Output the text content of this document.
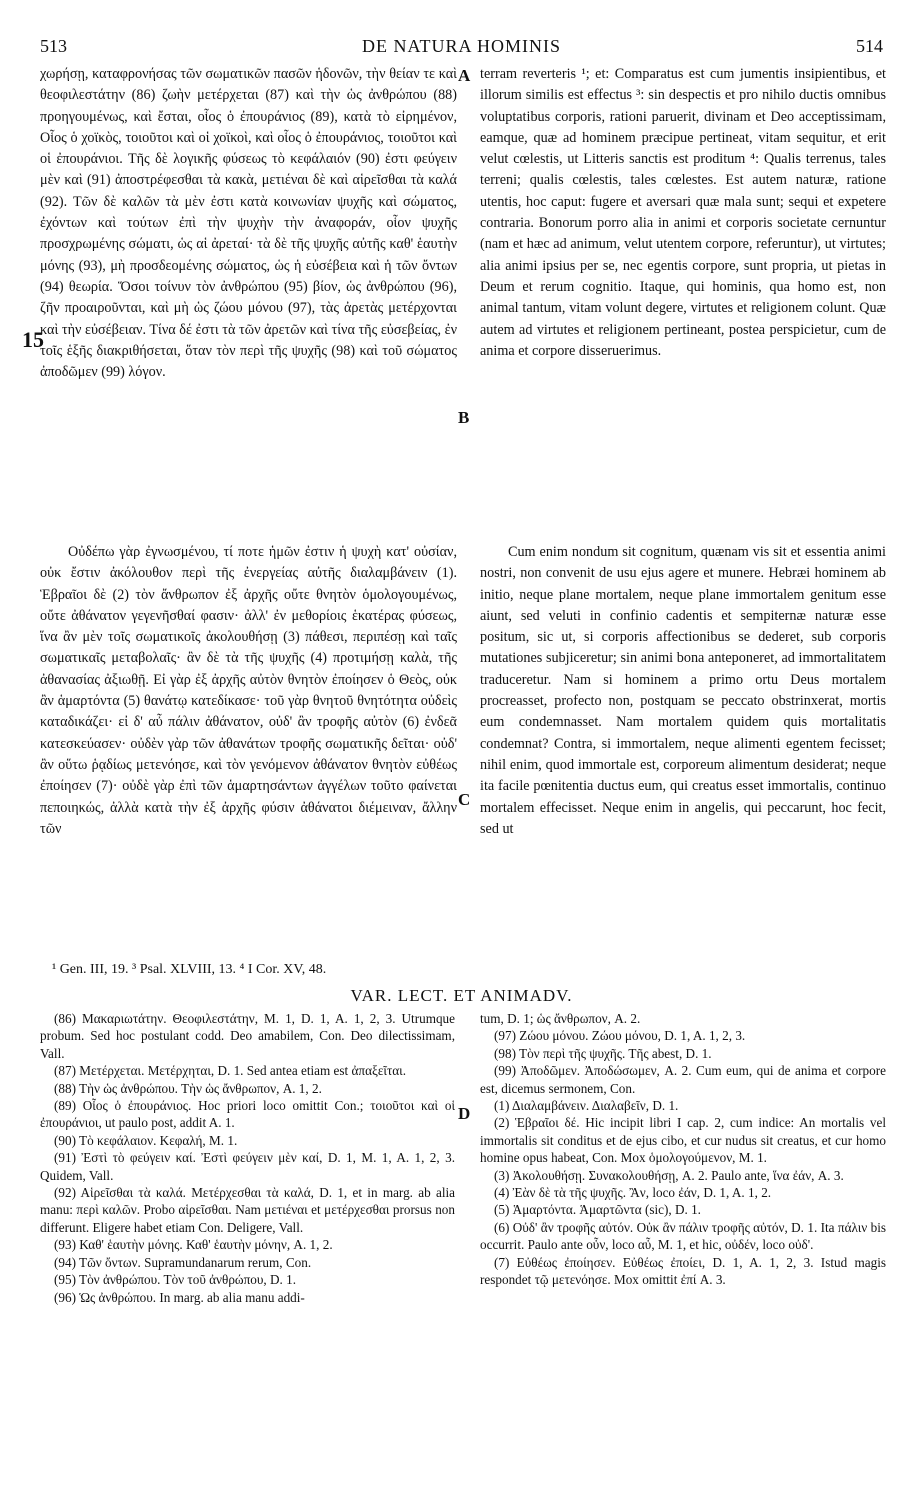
513	DE NATURA HOMINIS	514

χωρήσῃ, καταφρονήσας τῶν σωματικῶν πασῶν ἡδονῶν, τὴν θείαν τε καὶ θεοφιλεστάτην (86) ζωὴν μετέρχεται (87) καὶ τὴν ὡς ἀνθρώπου (88) προηγουμένως, καὶ ἔσται, οἷος ὁ ἐπουράνιος (89), κατὰ τὸ εἰρημένον, Οἷος ὁ χοϊκὸς, τοιοῦτοι καὶ οἱ χοϊκοὶ, καὶ οἷος ὁ ἐπουράνιος, τοιοῦτοι καὶ οἱ ἐπουράνιοι. Τῆς δὲ λογικῆς φύσεως τὸ κεφάλαιόν (90) ἐστι φεύγειν μὲν καὶ (91) ἀποστρέφεσθαι τὰ κακὰ, μετιέναι δὲ καὶ αἱρεῖσθαι τὰ καλά (92). Τῶν δὲ καλῶν τὰ μὲν ἐστι κατὰ κοινωνίαν ψυχῆς καὶ σώματος, ἐχόντων καὶ τούτων ἐπὶ τὴν ψυχὴν τὴν ἀναφοράν, οἷον ψυχῆς προσχρωμένης σώματι, ὡς αἱ ἀρεταί· τὰ δὲ τῆς ψυχῆς αὐτῆς καθ' ἑαυτὴν μόνης (93), μὴ προσδεομένης σώματος, ὡς ἡ εὐσέβεια καὶ ἡ τῶν ὄντων (94) θεωρία. Ὅσοι τοίνυν τὸν ἀνθρώπου (95) βίον, ὡς ἀνθρώπου (96), ζῆν προαιροῦνται, καὶ μὴ ὡς ζώου μόνου (97), τὰς ἀρετὰς μετέρχονται καὶ τὴν εὐσέβειαν. Τίνα δέ ἐστι τὰ τῶν ἀρετῶν καὶ τίνα τῆς εὐσεβείας, ἐν τοῖς ἑξῆς διακριθήσεται, ὅταν τὸν περὶ τῆς ψυχῆς (98) καὶ τοῦ σώματος ἀποδῶμεν (99) λόγον.

terram reverteris ¹; et: Comparatus est cum jumentis insipientibus, et illorum similis est effectus ³: sin despectis et pro nihilo ductis omnibus voluptatibus corporis, rationi paruerit, divinam et Deo acceptissimam, eamque, quæ ad hominem præcipue pertineat, vitam sequitur, et erit velut cœlestis, ut Litteris sanctis est proditum ⁴: Qualis terrenus, tales terreni; qualis cœlestis, tales cœlestes. Est autem naturæ, ratione utentis, hoc caput: fugere et aversari quæ mala sunt; sequi et expetere contraria. Bonorum porro alia in animi et corporis societate cernuntur (nam et hæc ad animum, velut utentem corpore, referuntur), ut virtutes; alia animi ipsius per se, nec egentis corpore, sunt propria, ut pietas in Deum et rerum cognitio. Itaque, qui hominis, qua homo est, non animal tantum, vitam volunt degere, virtutes et religionem colunt. Quæ autem ad virtutes et religionem pertineant, postea perspicietur, cum de anima et corpore disseruerimus.

A
B
C
D
15

Οὐδέπω γὰρ ἐγνωσμένου, τί ποτε ἡμῶν ἐστιν ἡ ψυχὴ κατ' οὐσίαν, οὐκ ἔστιν ἀκόλουθον περὶ τῆς ἐνεργείας αὐτῆς διαλαμβάνειν (1). Ἑβραῖοι δὲ (2) τὸν ἄνθρωπον ἐξ ἀρχῆς οὔτε θνητὸν ὁμολογουμένως, οὔτε ἀθάνατον γεγενῆσθαί φασιν· ἀλλ' ἐν μεθορίοις ἑκατέρας φύσεως, ἵνα ἂν μὲν τοῖς σωματικοῖς ἀκολουθήσῃ (3) πάθεσι, περιπέσῃ καὶ ταῖς σωματικαῖς μεταβολαῖς· ἂν δὲ τὰ τῆς ψυχῆς (4) προτιμήσῃ καλὰ, τῆς ἀθανασίας ἀξιωθῇ. Εἰ γὰρ ἐξ ἀρχῆς αὐτὸν θνητὸν ἐποίησεν ὁ Θεὸς, οὐκ ἂν ἁμαρτόντα (5) θανάτῳ κατεδίκασε· τοῦ γὰρ θνητοῦ θνητότητα οὐδεὶς καταδικάζει· εἰ δ' αὖ πάλιν ἀθάνατον, οὐδ' ἂν τροφῆς αὐτὸν (6) ἐνδεᾶ κατεσκεύασεν· οὐδὲν γὰρ τῶν ἀθανάτων τροφῆς σωματικῆς δεῖται· οὐδ' ἂν οὕτω ῥᾳδίως μετενόησε, καὶ τὸν γενόμενον ἀθάνατον θνητὸν εὐθέως ἐποίησεν (7)· οὐδὲ γὰρ ἐπὶ τῶν ἁμαρτησάντων ἀγγέλων τοῦτο φαίνεται πεποιηκώς, ἀλλὰ κατὰ τὴν ἐξ ἀρχῆς φύσιν ἀθάνατοι διέμειναν, ἄλλην τῶν

Cum enim nondum sit cognitum, quænam vis sit et essentia animi nostri, non convenit de usu ejus agere et munere. Hebræi hominem ab initio, neque plane mortalem, neque plane immortalem genitum esse aiunt, sed veluti in confinio cadentis et sempiternæ naturæ esse positum, sic ut, si corporis affectionibus se dederet, sub corporis mutationes subjiceretur; sin animi bona anteponeret, ad immortalitatem traduceretur. Nam si hominem a primo ortu Deus mortalem procreasset, profecto non, postquam se peccato obstrinxerat, mortis eum condemnasset. Nam mortalem quidem quis mortalitatis condemnat? Contra, si immortalem, neque alimenti egentem fecisset; nihil enim, quod immortale est, corporeum alimentum desiderat; neque ita facile pœnitentia ductus eum, qui creatus esset immortalis, continuo mortalem effecisset. Neque enim in angelis, qui peccarunt, hoc fecit, sed ut

¹ Gen. III, 19. ³ Psal. XLVIII, 13. ⁴ I Cor. XV, 48.
VAR. LECT. ET ANIMADV.

(86) Μακαριωτάτην. Θεοφιλεστάτην, M. 1, D. 1, A. 1, 2, 3. Utrumque probum. Sed hoc postulant codd. Deo amabilem, Con. Deo dilectissimam, Vall.

(87) Μετέρχεται. Μετέρχηται, D. 1. Sed antea etiam est ἀπαξεῖται.

(88) Τὴν ὡς ἀνθρώπου. Τὴν ὡς ἄνθρωπον, A. 1, 2.

(89) Οἷος ὁ ἐπουράνιος. Hoc priori loco omittit Con.; τοιοῦτοι καὶ οἱ ἐπουράνιοι, ut paulo post, addit A. 1.

(90) Τὸ κεφάλαιον. Κεφαλή, M. 1.

(91) Ἐστὶ τὸ φεύγειν καί. Ἐστὶ φεύγειν μὲν καί, D. 1, M. 1, A. 1, 2, 3. Quidem, Vall.

(92) Αἱρεῖσθαι τὰ καλά. Μετέρχεσθαι τὰ καλά, D. 1, et in marg. ab alia manu: περὶ καλῶν. Probo αἱρεῖσθαι. Nam μετιέναι et μετέρχεσθαι prorsus non differunt. Eligere habet etiam Con. Deligere, Vall.

(93) Καθ' ἑαυτὴν μόνης. Καθ' ἑαυτὴν μόνην, A. 1, 2.

(94) Τῶν ὄντων. Supramundanarum rerum, Con.

(95) Τὸν ἀνθρώπου. Τὸν τοῦ ἀνθρώπου, D. 1.

(96) Ὡς ἀνθρώπου. In marg. ab alia manu addi-

tum, D. 1; ὡς ἄνθρωπον, A. 2.

(97) Ζώου μόνου. Ζώου μόνου, D. 1, A. 1, 2, 3.

(98) Τὸν περὶ τῆς ψυχῆς. Τῆς abest, D. 1.

(99) Ἀποδῶμεν. Ἀποδώσωμεν, A. 2. Cum eum, qui de anima et corpore est, dicemus sermonem, Con.

(1) Διαλαμβάνειν. Διαλαβεῖν, D. 1.

(2) Ἑβραῖοι δέ. Hic incipit libri I cap. 2, cum indice: An mortalis vel immortalis sit conditus et de ejus cibo, et cur nudus sit creatus, et cur homo homine opus habeat, Con. Mox ὁμολογούμενον, M. 1.

(3) Ἀκολουθήσῃ. Συνακολουθήσῃ, A. 2. Paulo ante, ἵνα ἐάν, A. 3.

(4) Ἐὰν δὲ τὰ τῆς ψυχῆς. Ἂν, loco ἐάν, D. 1, A. 1, 2.

(5) Ἁμαρτόντα. Ἁμαρτῶντα (sic), D. 1.

(6) Οὐδ' ἂν τροφῆς αὐτόν. Οὐκ ἂν πάλιν τροφῆς αὐτόν, D. 1. Ita πάλιν bis occurrit. Paulo ante οὖν, loco αὖ, M. 1, et hic, οὐδέν, loco οὐδ'.

(7) Εὐθέως ἐποίησεν. Εὐθέως ἐποίει, D. 1, A. 1, 2, 3. Istud magis respondet τῷ μετενόησε. Mox omittit ἐπί A. 3.
